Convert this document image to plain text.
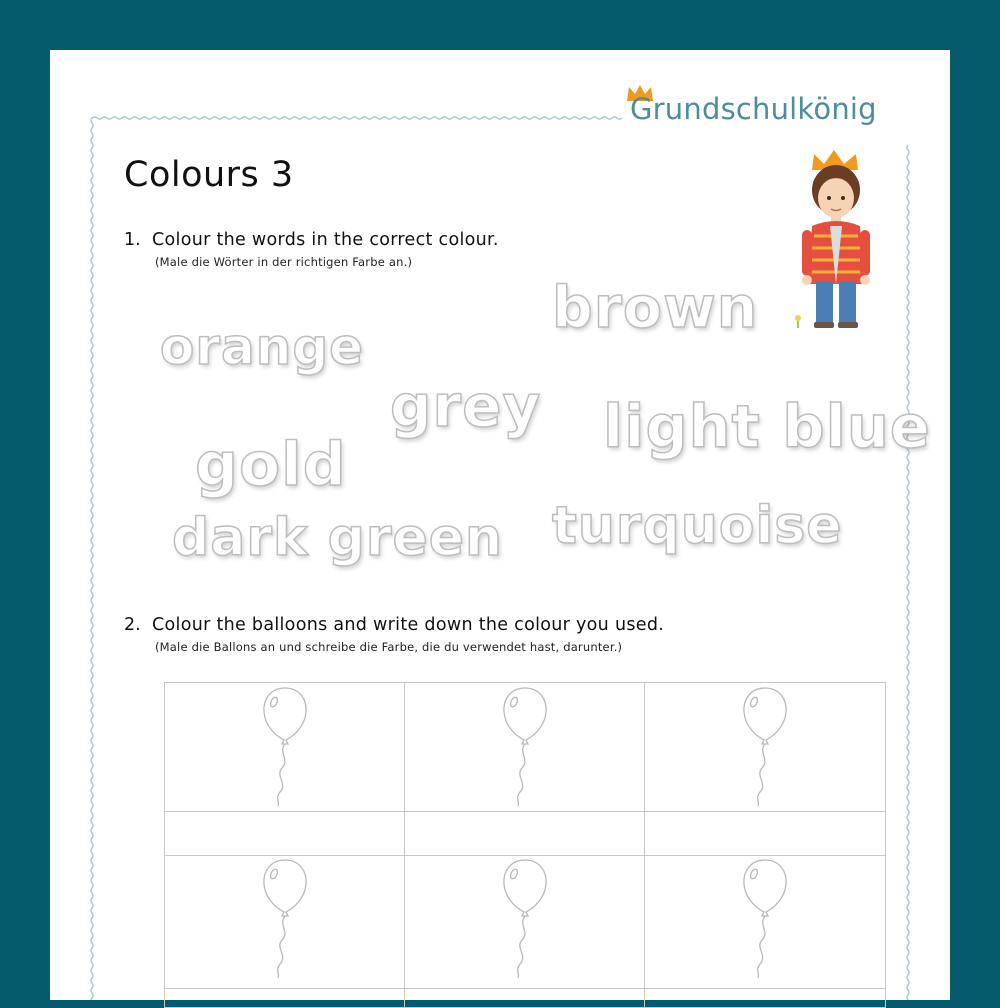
Grundschulkönig
Colours 3
1. Colour the words in the correct colour.
(Male die Wörter in der richtigen Farbe an.)
brown
orange
grey light blue
gold
dark green turquoise
2. Colour the balloons and write down the colour you used.
(Male die Ballons an und schreibe die Farbe, die du verwendet hast, darunter.)
